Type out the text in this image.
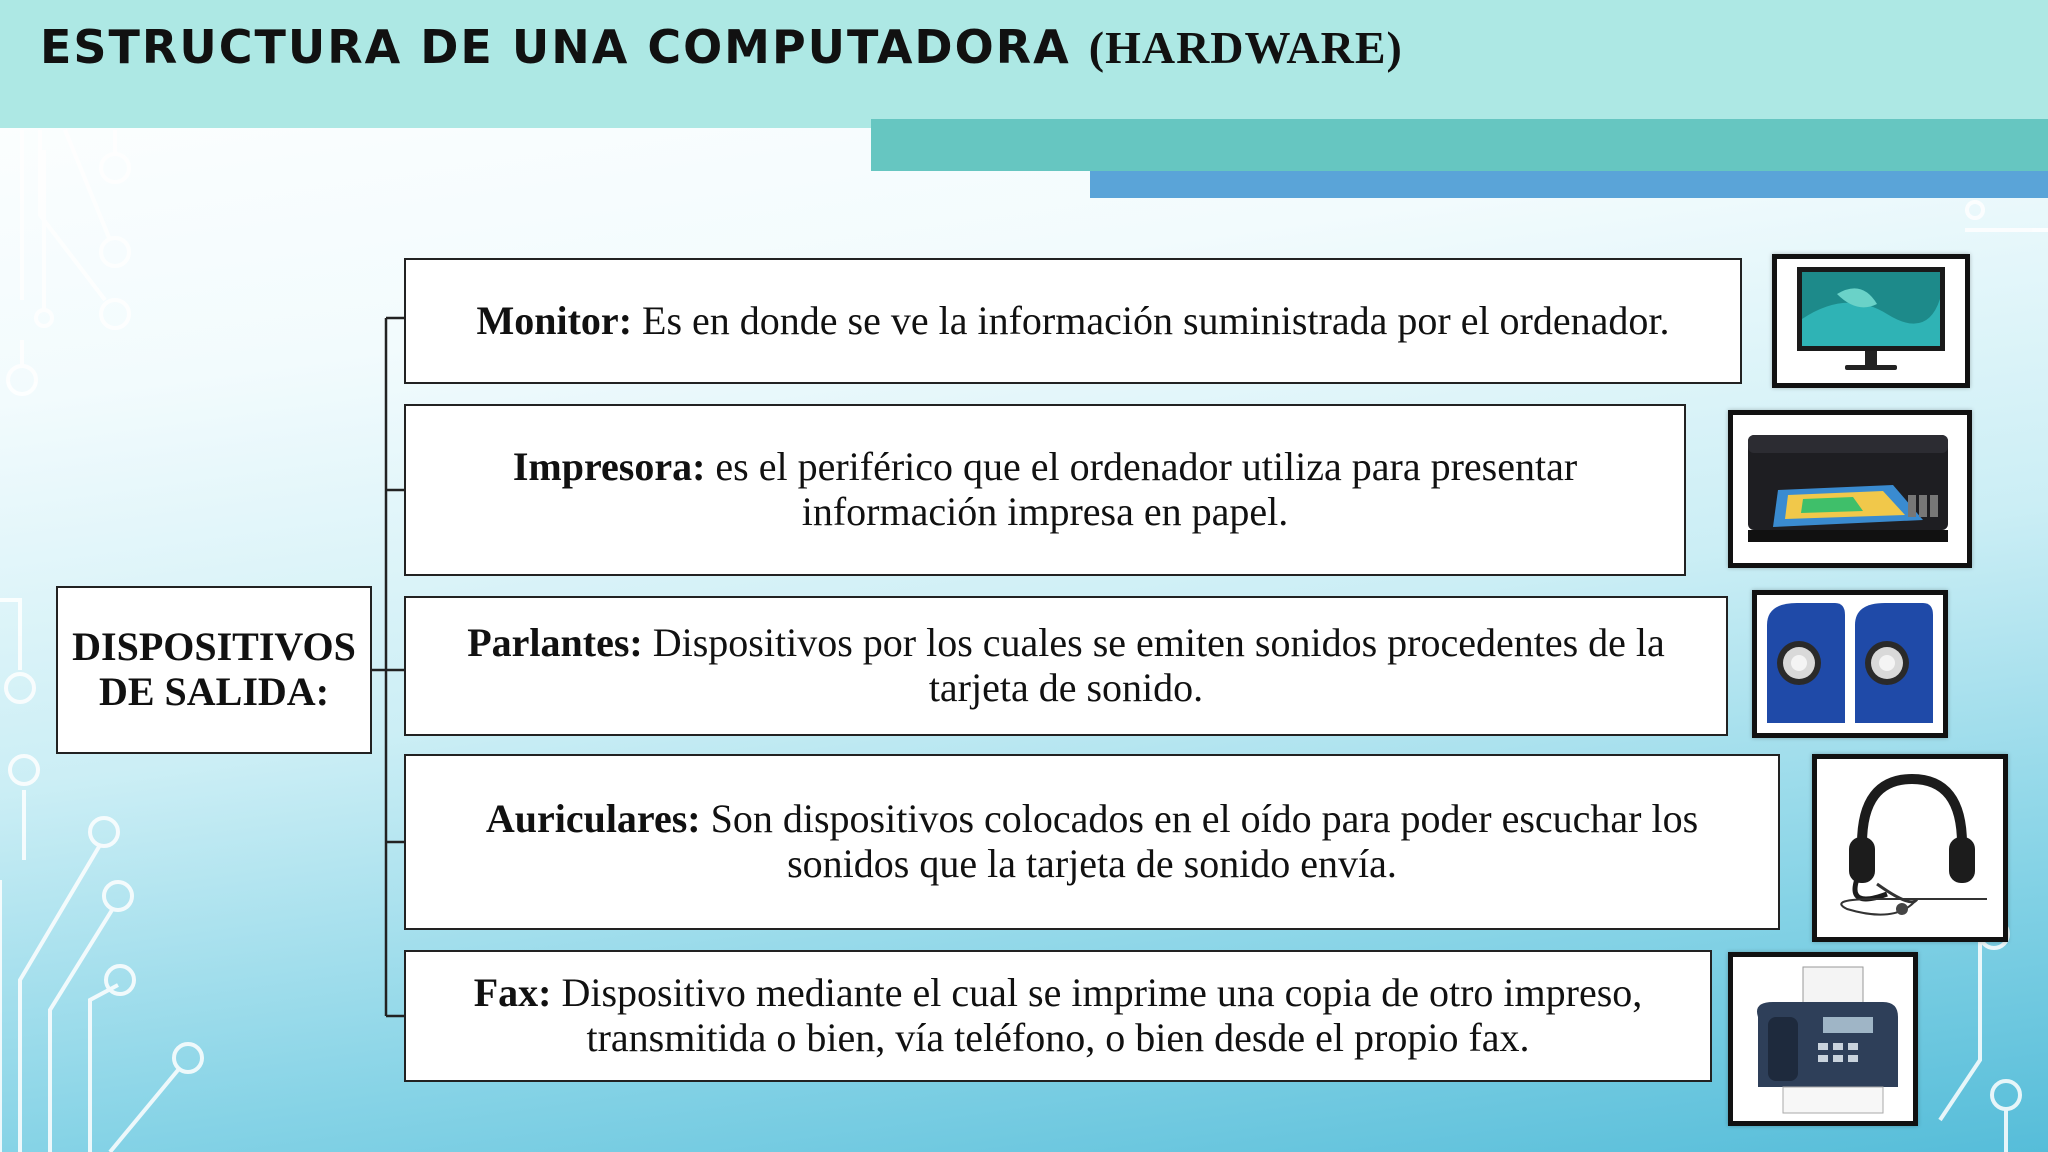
ESTRUCTURA DE UNA COMPUTADORA (HARDWARE)
DISPOSITIVOS DE SALIDA:
Monitor: Es en donde se ve la información suministrada por el ordenador.
Impresora: es el periférico que el ordenador utiliza para presentar información impresa en papel.
Parlantes: Dispositivos por los cuales se emiten sonidos procedentes de la tarjeta de sonido.
Auriculares: Son dispositivos colocados en el oído para poder escuchar los sonidos que la tarjeta de sonido envía.
Fax: Dispositivo mediante el cual se imprime una copia de otro impreso, transmitida o bien, vía teléfono, o bien desde el propio fax.
